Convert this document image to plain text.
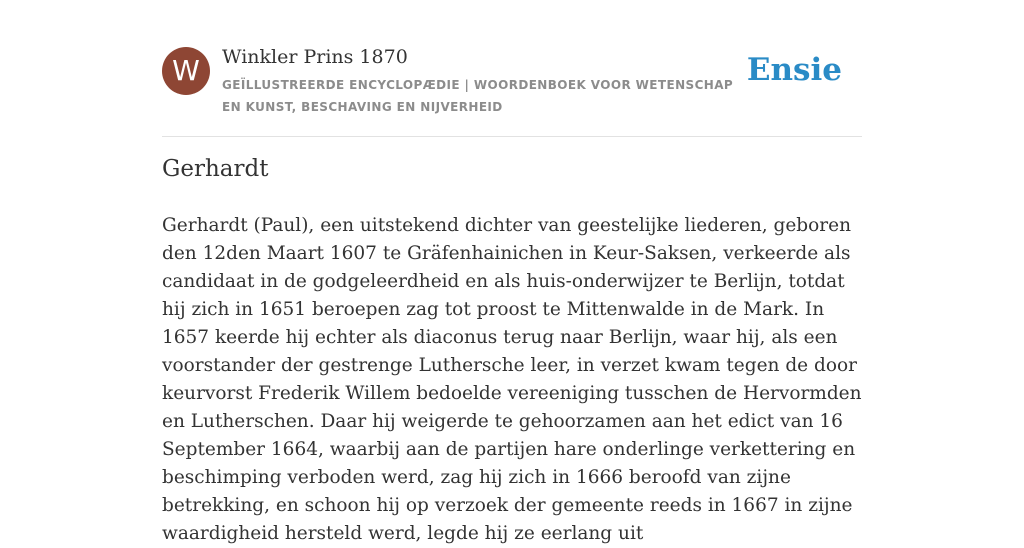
W	Winkler Prins 1870
GEÏLLUSTREERDE ENCYCLOPÆDIE | WOORDENBOEK VOOR WETENSCHAP EN KUNST, BESCHAVING EN NIJVERHEID
Ensie
Gerhardt

Gerhardt (Paul), een uitstekend dichter van geestelijke liederen, geboren den 12den Maart 1607 te Gräfenhainichen in Keur-Saksen, verkeerde als candidaat in de godgeleerdheid en als huis-onderwijzer te Berlijn, totdat hij zich in 1651 beroepen zag tot proost te Mittenwalde in de Mark. In 1657 keerde hij echter als diaconus terug naar Berlijn, waar hij, als een voorstander der gestrenge Luthersche leer, in verzet kwam tegen de door keurvorst Frederik Willem bedoelde vereeniging tusschen de Hervormden en Lutherschen. Daar hij weigerde te gehoorzamen aan het edict van 16 September 1664, waarbij aan de partijen hare onderlinge verkettering en beschimping verboden werd, zag hij zich in 1666 beroofd van zijne betrekking, en schoon hij op verzoek der gemeente reeds in 1667 in zijne waardigheid hersteld werd, legde hij ze eerlang uit
